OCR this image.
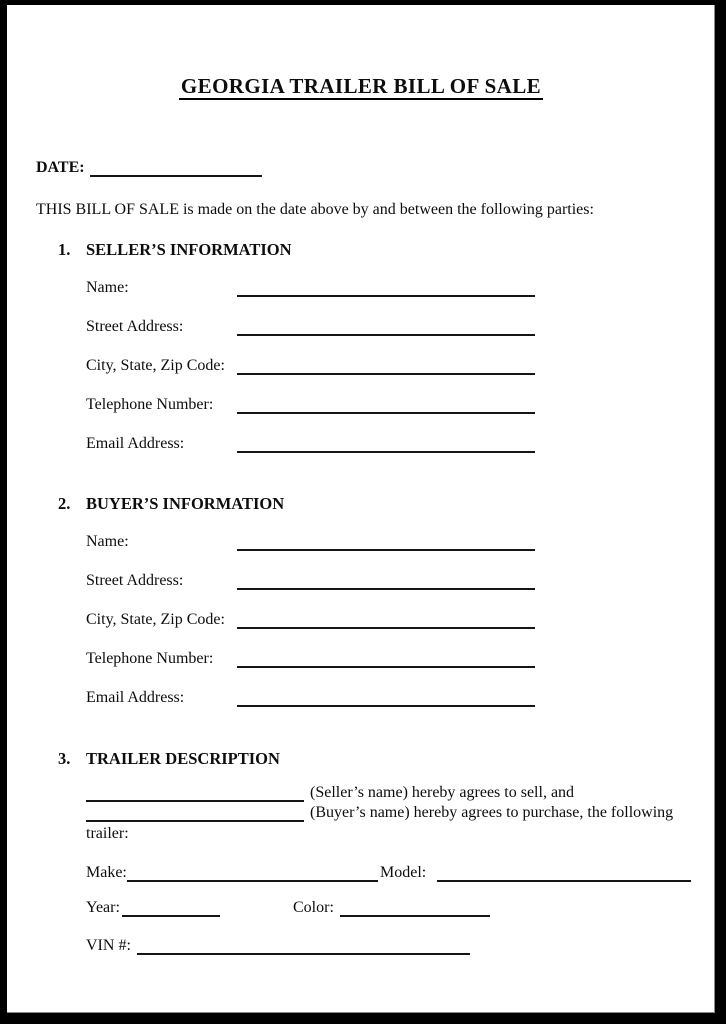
GEORGIA TRAILER BILL OF SALE
DATE:

THIS BILL OF SALE is made on the date above by and between the following parties:

1. SELLER’S INFORMATION
Name:
Street Address:
City, State, Zip Code:
Telephone Number:
Email Address:
2. BUYER’S INFORMATION
Name:
Street Address:
City, State, Zip Code:
Telephone Number:
Email Address:
3. TRAILER DESCRIPTION
(Seller’s name) hereby agrees to sell, and
(Buyer’s name) hereby agrees to purchase, the following
trailer:
Make:	Model:
Year:	Color:
VIN #:
